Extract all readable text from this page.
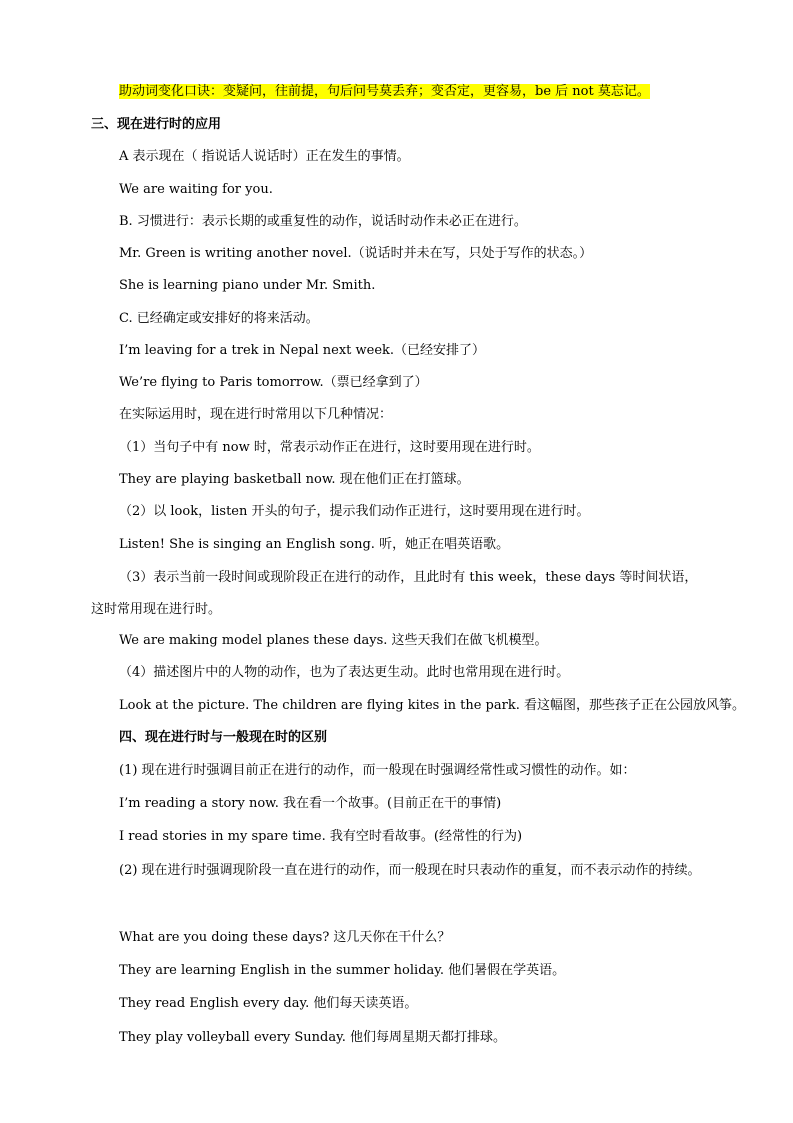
助动词变化口诀：变疑问，往前提，句后问号莫丢弃；变否定，更容易，be 后 not 莫忘记。
三、现在进行时的应用
A 表示现在（ 指说话人说话时）正在发生的事情。
We are waiting for you.
B. 习惯进行：表示长期的或重复性的动作，说话时动作未必正在进行。
Mr. Green is writing another novel.（说话时并未在写，只处于写作的状态。）
She is learning piano under Mr. Smith.
C. 已经确定或安排好的将来活动。
I’m leaving for a trek in Nepal next week.（已经安排了）
We’re flying to Paris tomorrow.（票已经拿到了）
在实际运用时，现在进行时常用以下几种情况：
（1）当句子中有 now 时，常表示动作正在进行，这时要用现在进行时。
They are playing basketball now. 现在他们正在打篮球。
（2）以 look，listen 开头的句子，提示我们动作正进行，这时要用现在进行时。
Listen! She is singing an English song. 听，她正在唱英语歌。
（3）表示当前一段时间或现阶段正在进行的动作，且此时有 this week，these days 等时间状语，这时常用现在进行时。
We are making model planes these days. 这些天我们在做飞机模型。
（4）描述图片中的人物的动作，也为了表达更生动。此时也常用现在进行时。
Look at the picture. The children are flying kites in the park. 看这幅图，那些孩子正在公园放风筝。
四、现在进行时与一般现在时的区别
(1) 现在进行时强调目前正在进行的动作，而一般现在时强调经常性或习惯性的动作。如：
I’m reading a story now. 我在看一个故事。(目前正在干的事情)
I read stories in my spare time. 我有空时看故事。(经常性的行为)
(2) 现在进行时强调现阶段一直在进行的动作，而一般现在时只表动作的重复，而不表示动作的持续。
What are you doing these days? 这几天你在干什么？
They are learning English in the summer holiday. 他们暑假在学英语。
They read English every day. 他们每天读英语。
They play volleyball every Sunday. 他们每周星期天都打排球。
